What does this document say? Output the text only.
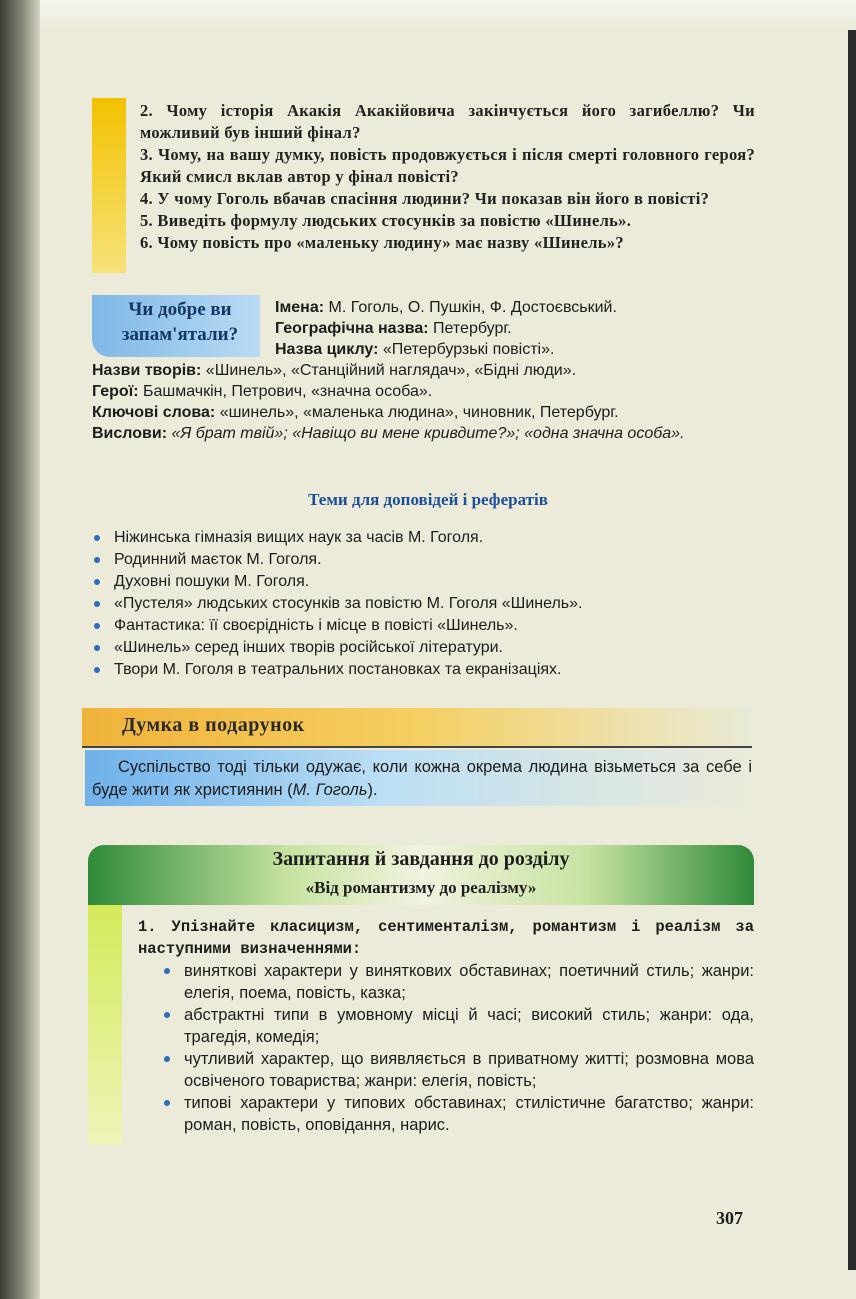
2. Чому історія Акакія Акакійовича закінчується його загибеллю? Чи можливий був інший фінал?
3. Чому, на вашу думку, повість продовжується і після смерті головного героя? Який смисл вклав автор у фінал повісті?
4. У чому Гоголь вбачав спасіння людини? Чи показав він його в повісті?
5. Виведіть формулу людських стосунків за повістю «Шинель».
6. Чому повість про «маленьку людину» має назву «Шинель»?
Чи добре ви
запам'ятали?
Імена: М. Гоголь, О. Пушкін, Ф. Достоєвський.
Географічна назва: Петербург.
Назва циклу: «Петербурзькі повісті».
Назви творів: «Шинель», «Станційний наглядач», «Бідні люди».
Герої: Башмачкін, Петрович, «значна особа».
Ключові слова: «шинель», «маленька людина», чиновник, Петербург.
Вислови: «Я брат твій»; «Навіщо ви мене кривдите?»; «одна значна особа».
Теми для доповідей і рефератів
Ніжинська гімназія вищих наук за часів М. Гоголя.
Родинний маєток М. Гоголя.
Духовні пошуки М. Гоголя.
«Пустеля» людських стосунків за повістю М. Гоголя «Шинель».
Фантастика: її своєрідність і місце в повісті «Шинель».
«Шинель» серед інших творів російської літератури.
Твори М. Гоголя в театральних постановках та екранізаціях.
Думка в подарунок
Суспільство тоді тільки одужає, коли кожна окрема людина візьметься за себе і буде жити як християнин (М. Гоголь).
Запитання й завдання до розділу
«Від романтизму до реалізму»
1. Упізнайте класицизм, сентименталізм, романтизм і реалізм за наступними визначеннями:
виняткові характери у виняткових обставинах; поетичний стиль; жанри: елегія, поема, повість, казка;
абстрактні типи в умовному місці й часі; високий стиль; жанри: ода, трагедія, комедія;
чутливий характер, що виявляється в приватному житті; розмовна мова освіченого товариства; жанри: елегія, повість;
типові характери у типових обставинах; стилістичне багатство; жанри: роман, повість, оповідання, нарис.
307
